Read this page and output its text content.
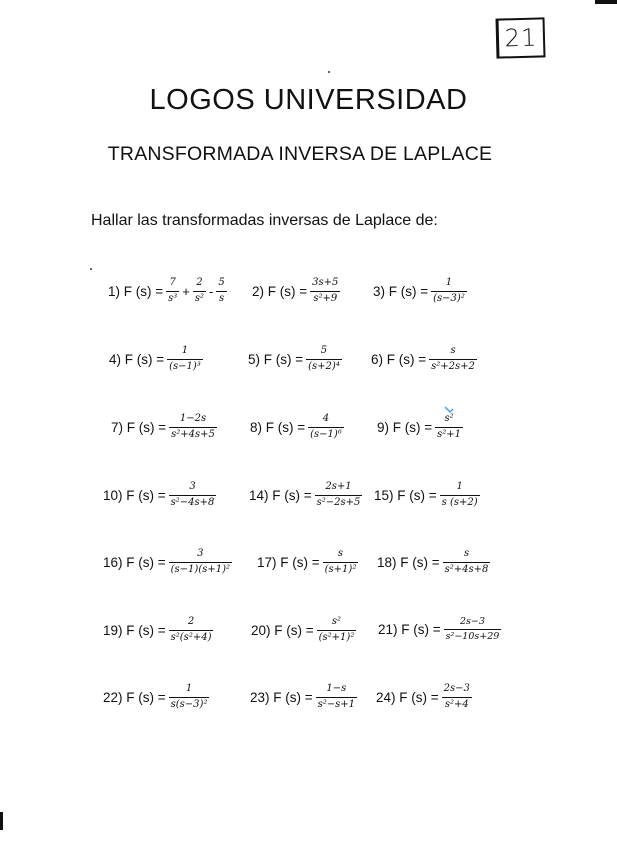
21
LOGOS UNIVERSIDAD
TRANSFORMADA INVERSA DE LAPLACE
Hallar las transformadas inversas de Laplace de:
1) F $(s) = \frac{7}{\text{s³}} + \frac{2}{\text{s²}} - \frac{5}{s} 2$) F $(s) = \frac{3s+5}{\text{s²+9}} 3$) F $(s) = \frac{1}{\text{(s−3)²}}$
4) F $(s) = \frac{1}{\text{(s−1)³}}$	5) F $(s) = \frac{5}{\text{(s+2)⁴}} 6$) F $(s) = \frac{s}{\text{s²+2s+2}}$
7) F $(s) = \frac{1-2s}{\text{s²+4s+5}} 8$) F $(s) = \frac{4}{\text{(s−1)⁶}} 9$) F $(s) = \frac{\text{s²}}{\text{s²+1}}$
10) F $(s) = \frac{3}{\text{s²−4s+8}} 14$) F $(s) = \frac{2s+1}{\text{s²−2s+5}} 15$) F $(s) = \frac{1}{s (s+2)}$
16) F $(s) = \frac{3}{\text{(s−1)(s+1)²}} 17$) F $(s) = \frac{s}{\text{(s+1)²}} 18$) F $(s) = \frac{s}{\text{s²+4s+8}}$
19) F $(s) = \frac{2}{\text{s²(s²+4)}}$	20) F $(s) = \frac{\text{s²}}{\text{(s²+1)²}} 21$) F $(s) = \frac{2s-3}{\text{s²−10s+29}}$
22) F $(s) = \frac{1}{\text{s(s−3)²}}$	23) F $(s) = \frac{1-s}{\text{s²−s+1}} 24$) F $(s) = \frac{2s-3}{\text{s²+4}}$
